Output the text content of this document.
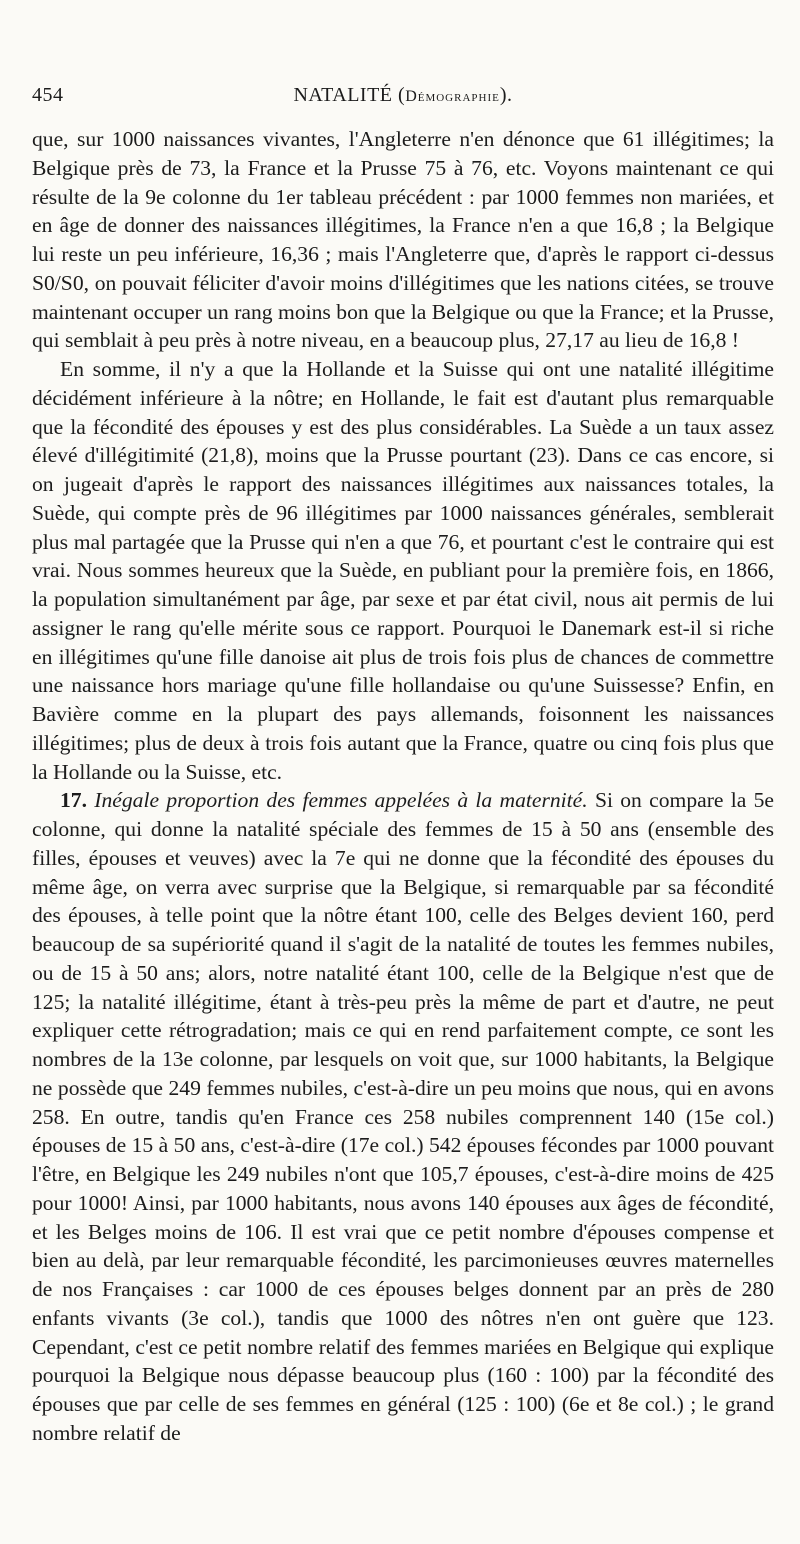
454	NATALITÉ (Démographie).

que, sur 1000 naissances vivantes, l'Angleterre n'en dénonce que 61 illégitimes; la Belgique près de 73, la France et la Prusse 75 à 76, etc. Voyons maintenant ce qui résulte de la 9e colonne du 1er tableau précédent : par 1000 femmes non mariées, et en âge de donner des naissances illégitimes, la France n'en a que 16,8 ; la Belgique lui reste un peu inférieure, 16,36 ; mais l'Angleterre que, d'après le rapport ci-dessus S0/S0, on pouvait féliciter d'avoir moins d'illégitimes que les nations citées, se trouve maintenant occuper un rang moins bon que la Belgique ou que la France; et la Prusse, qui semblait à peu près à notre niveau, en a beaucoup plus, 27,17 au lieu de 16,8 !

En somme, il n'y a que la Hollande et la Suisse qui ont une natalité illégitime décidément inférieure à la nôtre; en Hollande, le fait est d'autant plus remarquable que la fécondité des épouses y est des plus considérables. La Suède a un taux assez élevé d'illégitimité (21,8), moins que la Prusse pourtant (23). Dans ce cas encore, si on jugeait d'après le rapport des naissances illégitimes aux naissances totales, la Suède, qui compte près de 96 illégitimes par 1000 naissances générales, semblerait plus mal partagée que la Prusse qui n'en a que 76, et pourtant c'est le contraire qui est vrai. Nous sommes heureux que la Suède, en publiant pour la première fois, en 1866, la population simultanément par âge, par sexe et par état civil, nous ait permis de lui assigner le rang qu'elle mérite sous ce rapport. Pourquoi le Danemark est-il si riche en illégitimes qu'une fille danoise ait plus de trois fois plus de chances de commettre une naissance hors mariage qu'une fille hollandaise ou qu'une Suissesse? Enfin, en Bavière comme en la plupart des pays allemands, foisonnent les naissances illégitimes; plus de deux à trois fois autant que la France, quatre ou cinq fois plus que la Hollande ou la Suisse, etc.

17. Inégale proportion des femmes appelées à la maternité. Si on compare la 5e colonne, qui donne la natalité spéciale des femmes de 15 à 50 ans (ensemble des filles, épouses et veuves) avec la 7e qui ne donne que la fécondité des épouses du même âge, on verra avec surprise que la Belgique, si remarquable par sa fécondité des épouses, à telle point que la nôtre étant 100, celle des Belges devient 160, perd beaucoup de sa supériorité quand il s'agit de la natalité de toutes les femmes nubiles, ou de 15 à 50 ans; alors, notre natalité étant 100, celle de la Belgique n'est que de 125; la natalité illégitime, étant à très-peu près la même de part et d'autre, ne peut expliquer cette rétrogradation; mais ce qui en rend parfaitement compte, ce sont les nombres de la 13e colonne, par lesquels on voit que, sur 1000 habitants, la Belgique ne possède que 249 femmes nubiles, c'est-à-dire un peu moins que nous, qui en avons 258. En outre, tandis qu'en France ces 258 nubiles comprennent 140 (15e col.) épouses de 15 à 50 ans, c'est-à-dire (17e col.) 542 épouses fécondes par 1000 pouvant l'être, en Belgique les 249 nubiles n'ont que 105,7 épouses, c'est-à-dire moins de 425 pour 1000! Ainsi, par 1000 habitants, nous avons 140 épouses aux âges de fécondité, et les Belges moins de 106. Il est vrai que ce petit nombre d'épouses compense et bien au delà, par leur remarquable fécondité, les parcimonieuses œuvres maternelles de nos Françaises : car 1000 de ces épouses belges donnent par an près de 280 enfants vivants (3e col.), tandis que 1000 des nôtres n'en ont guère que 123. Cependant, c'est ce petit nombre relatif des femmes mariées en Belgique qui explique pourquoi la Belgique nous dépasse beaucoup plus (160 : 100) par la fécondité des épouses que par celle de ses femmes en général (125 : 100) (6e et 8e col.) ; le grand nombre relatif de
